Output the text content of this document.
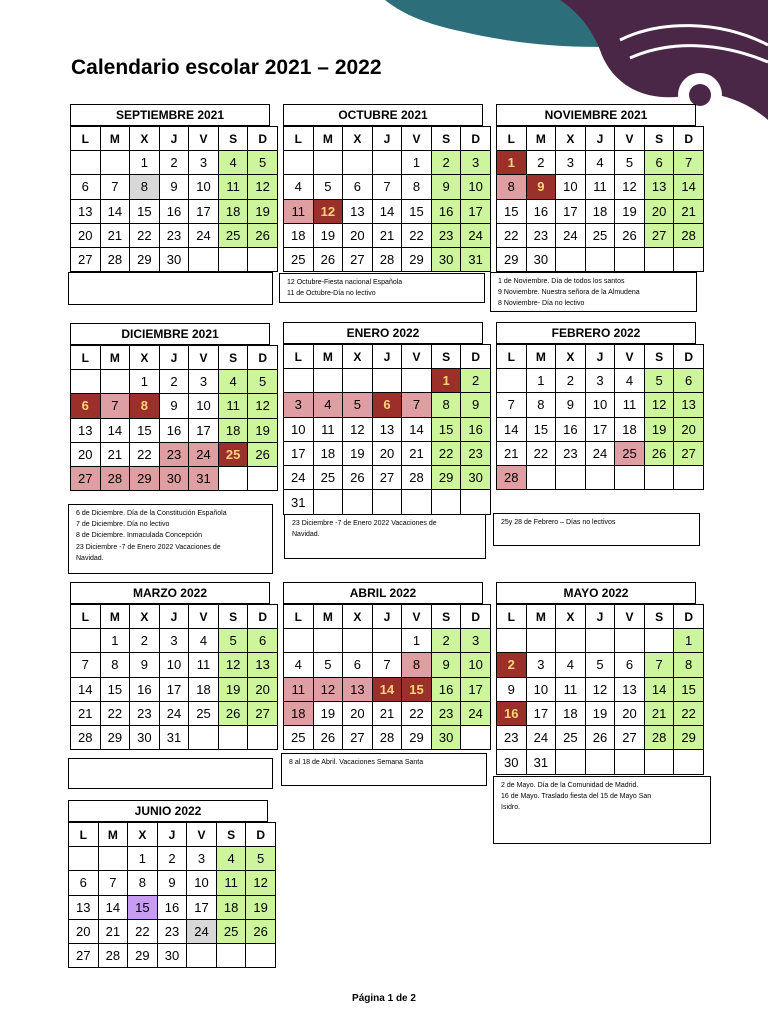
Calendario escolar 2021 – 2022
SEPTIEMBRE 2021
L	M	X	J	V	S	D
		1	2	3	4	5
6	7	8	9	10	11	12
13	14	15	16	17	18	19
20	21	22	23	24	25	26
27	28	29	30			
OCTUBRE 2021
L	M	X	J	V	S	D
				1	2	3
4	5	6	7	8	9	10
11	12	13	14	15	16	17
18	19	20	21	22	23	24
25	26	27	28	29	30	31
12 Octubre-Fiesta nacional Española
11 de Octubre-Día no lectivo
NOVIEMBRE 2021
L	M	X	J	V	S	D
1	2	3	4	5	6	7
8	9	10	11	12	13	14
15	16	17	18	19	20	21
22	23	24	25	26	27	28
29	30					
1 de Noviembre. Día de todos los santos
9 Noviembre. Nuestra señora de la Almudena
8 Noviembre- Día no lectivo
DICIEMBRE 2021
L	M	X	J	V	S	D
		1	2	3	4	5
6	7	8	9	10	11	12
13	14	15	16	17	18	19
20	21	22	23	24	25	26
27	28	29	30	31		
6 de Diciembre. Día de la Constitución Española
7 de Diciembre. Día no lectivo
8 de Diciembre. Inmaculada Concepción
23 Diciembre -7 de Enero 2022 Vacaciones de
Navidad.
ENERO 2022
L	M	X	J	V	S	D
					1	2
3	4	5	6	7	8	9
10	11	12	13	14	15	16
17	18	19	20	21	22	23
24	25	26	27	28	29	30
31						
23 Diciembre -7 de Enero 2022 Vacaciones de
Navidad.
FEBRERO 2022
L	M	X	J	V	S	D
	1	2	3	4	5	6
7	8	9	10	11	12	13
14	15	16	17	18	19	20
21	22	23	24	25	26	27
28						
25y 28 de Febrero – Días no lectivos
MARZO 2022
L	M	X	J	V	S	D
	1	2	3	4	5	6
7	8	9	10	11	12	13
14	15	16	17	18	19	20
21	22	23	24	25	26	27
28	29	30	31			
ABRIL 2022
L	M	X	J	V	S	D
				1	2	3
4	5	6	7	8	9	10
11	12	13	14	15	16	17
18	19	20	21	22	23	24
25	26	27	28	29	30	
8 al 18 de Abril. Vacaciones Semana Santa
MAYO 2022
L	M	X	J	V	S	D
						1
2	3	4	5	6	7	8
9	10	11	12	13	14	15
16	17	18	19	20	21	22
23	24	25	26	27	28	29
30	31					
2 de Mayo. Día de la Comunidad de Madrid.
16 de Mayo. Traslado fiesta del 15 de Mayo San
Isidro.
JUNIO 2022
L	M	X	J	V	S	D
		1	2	3	4	5
6	7	8	9	10	11	12
13	14	15	16	17	18	19
20	21	22	23	24	25	26
27	28	29	30			
Página 1 de 2
